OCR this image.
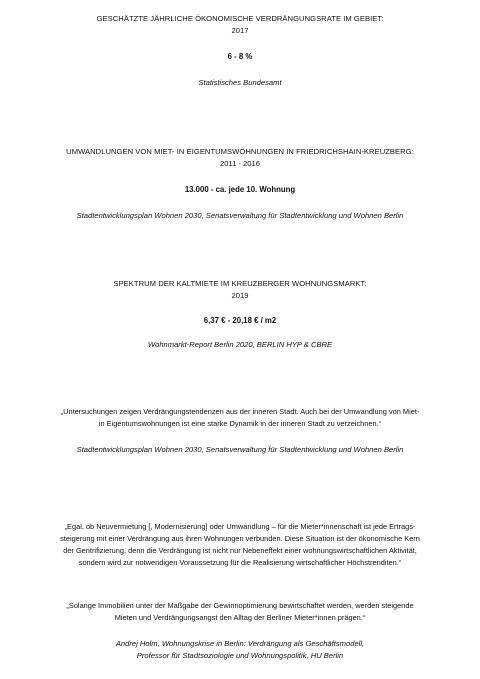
GESCHÄTZTE JÄHRLICHE ÖKONOMISCHE VERDRÄNGUNGSRATE IM GEBIET:
2017
6 - 8 %
Statistisches Bundesamt
UMWANDLUNGEN VON MIET- IN EIGENTUMSWOHNUNGEN IN FRIEDRICHSHAIN-KREUZBERG:
2011 - 2016
13.000 - ca. jede 10. Wohnung
Stadtentwicklungsplan Wohnen 2030, Senatsverwaltung für Stadtentwicklung und Wohnen Berlin
SPEKTRUM DER KALTMIETE IM KREUZBERGER WOHNUNGSMARKT:
2019
6,37 € - 20,18 € / m2
Wohnmarkt-Report Berlin 2020, BERLIN HYP & CBRE
„Untersuchungen zeigen Verdrängungstendenzen aus der inneren Stadt. Auch bei der Umwandlung von Miet-
in Eigentumswohnungen ist eine starke Dynamik in der inneren Stadt zu verzeichnen.“
Stadtentwicklungsplan Wohnen 2030, Senatsverwaltung für Stadtentwicklung und Wohnen Berlin
„Egal, ob Neuvermietung [, Modernisierung] oder Umwandlung – für die Mieter*innenschaft ist jede Ertrags-
steigerung mit einer Verdrängung aus ihren Wohnungen verbunden. Diese Situation ist der ökonomische Kern
der Gentrifizierung, denn die Verdrängung ist nicht nur Nebeneffekt einer wohnungswirtschaftlichen Aktivität,
sondern wird zur notwendigen Voraussetzung für die Realisierung wirtschaftlicher Höchstrenditen.“
„Solange Immobilien unter der Maßgabe der Gewinnoptimierung bewirtschaftet werden, werden steigende
Mieten und Verdrängungsangst den Alltag der Berliner Mieter*innen prägen.“
Andrej Holm, Wohnungskrise in Berlin: Verdrängung als Geschäftsmodell,
Professor für Stadtsoziologie und Wohnungspolitik, HU Berlin
